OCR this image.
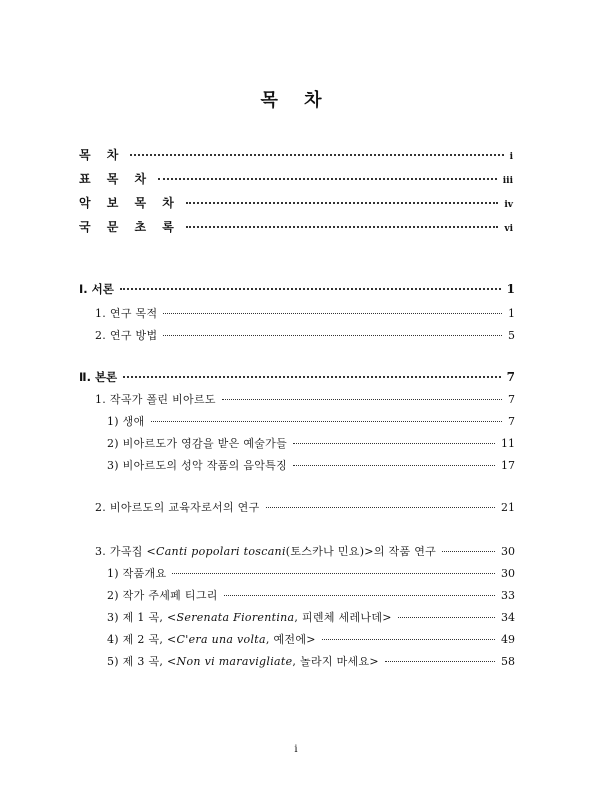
목 차
목 차	i
표 목 차	iii
악 보 목 차	iv
국 문 초 록	vi
Ⅰ. 서론	1
1. 연구 목적	1
2. 연구 방법	5
Ⅱ. 본론	7
1. 작곡가 폴린 비아르도	7
1) 생애	7
2) 비아르도가 영감을 받은 예술가들	11
3) 비아르도의 성악 작품의 음악특징	17
2. 비아르도의 교육자로서의 연구	21
3. 가곡집 <Canti popolari toscani(토스카나 민요)>의 작품 연구	30
1) 작품개요	30
2) 작가 주세페 티그리	33
3) 제 1 곡, <Serenata Fiorentina, 피렌체 세레나데>	34
4) 제 2 곡, <C'era una volta, 예전에>	49
5) 제 3 곡, <Non vi maravigliate, 놀라지 마세요>	58
i
